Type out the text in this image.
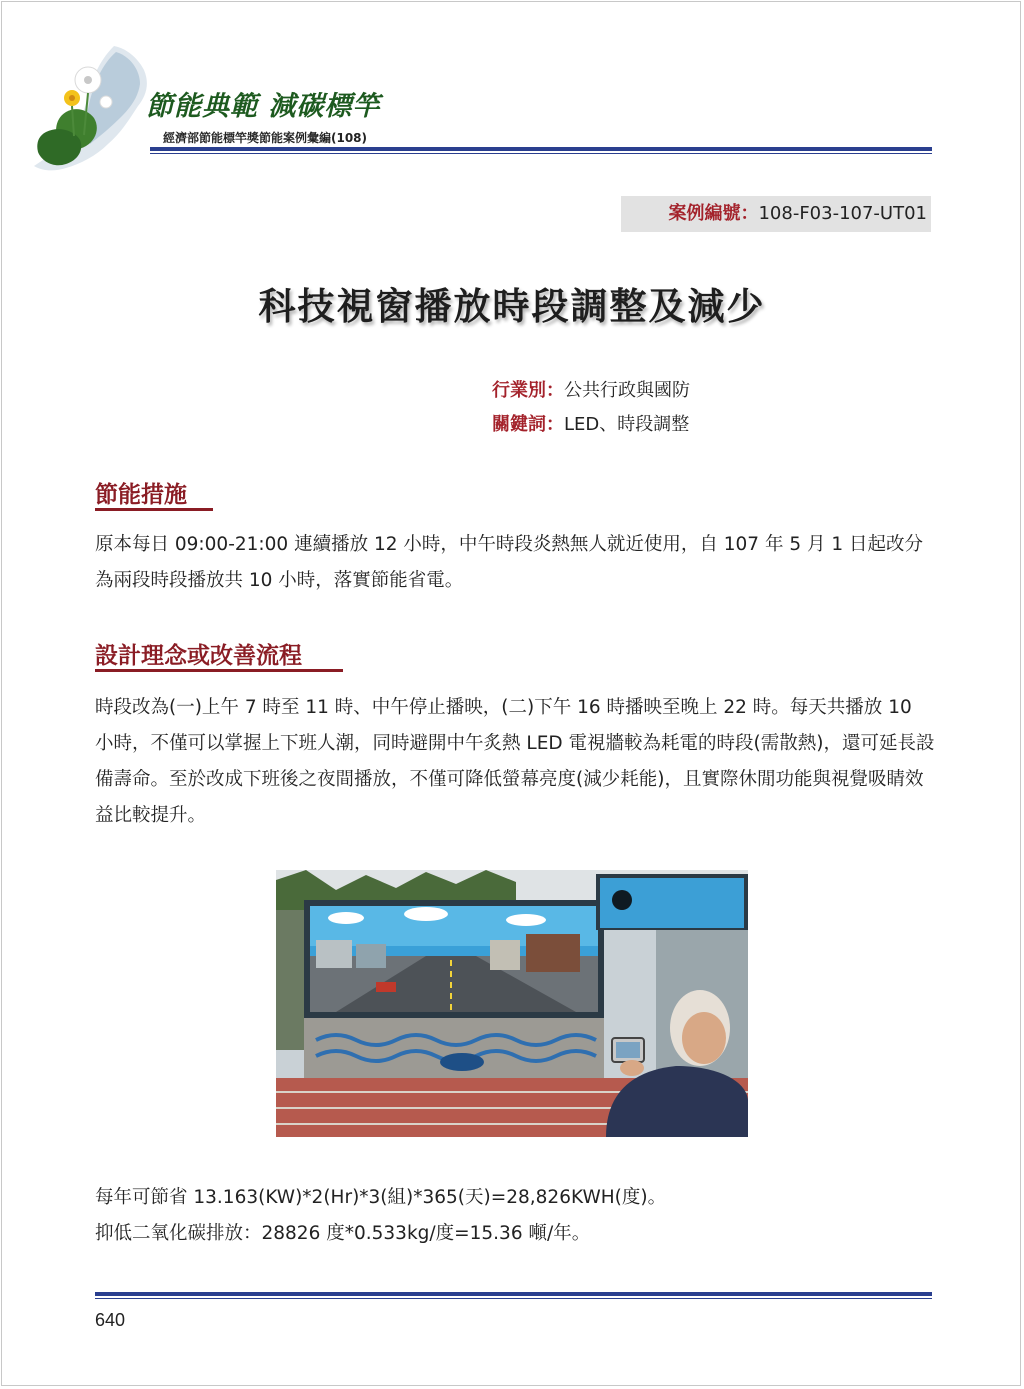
節能典範 減碳標竿
經濟部節能標竿獎節能案例彙編(108)
案例編號：108-F03-107-UT01
科技視窗播放時段調整及減少
行業別：公共行政與國防
關鍵詞：LED、時段調整
節能措施

原本每日 09:00-21:00 連續播放 12 小時，中午時段炎熱無人就近使用，自 107 年 5 月 1 日起改分為兩段時段播放共 10 小時，落實節能省電。

設計理念或改善流程

時段改為(一)上午 7 時至 11 時、中午停止播映，(二)下午 16 時播映至晚上 22 時。每天共播放 10 小時，不僅可以掌握上下班人潮，同時避開中午炙熱 LED 電視牆較為耗電的時段(需散熱)，還可延長設備壽命。至於改成下班後之夜間播放，不僅可降低螢幕亮度(減少耗能)，且實際休閒功能與視覺吸睛效益比較提升。

每年可節省 13.163(KW)*2(Hr)*3(組)*365(天)=28,826KWH(度)。
抑低二氧化碳排放：28826 度*0.533kg/度=15.36 噸/年。
640
